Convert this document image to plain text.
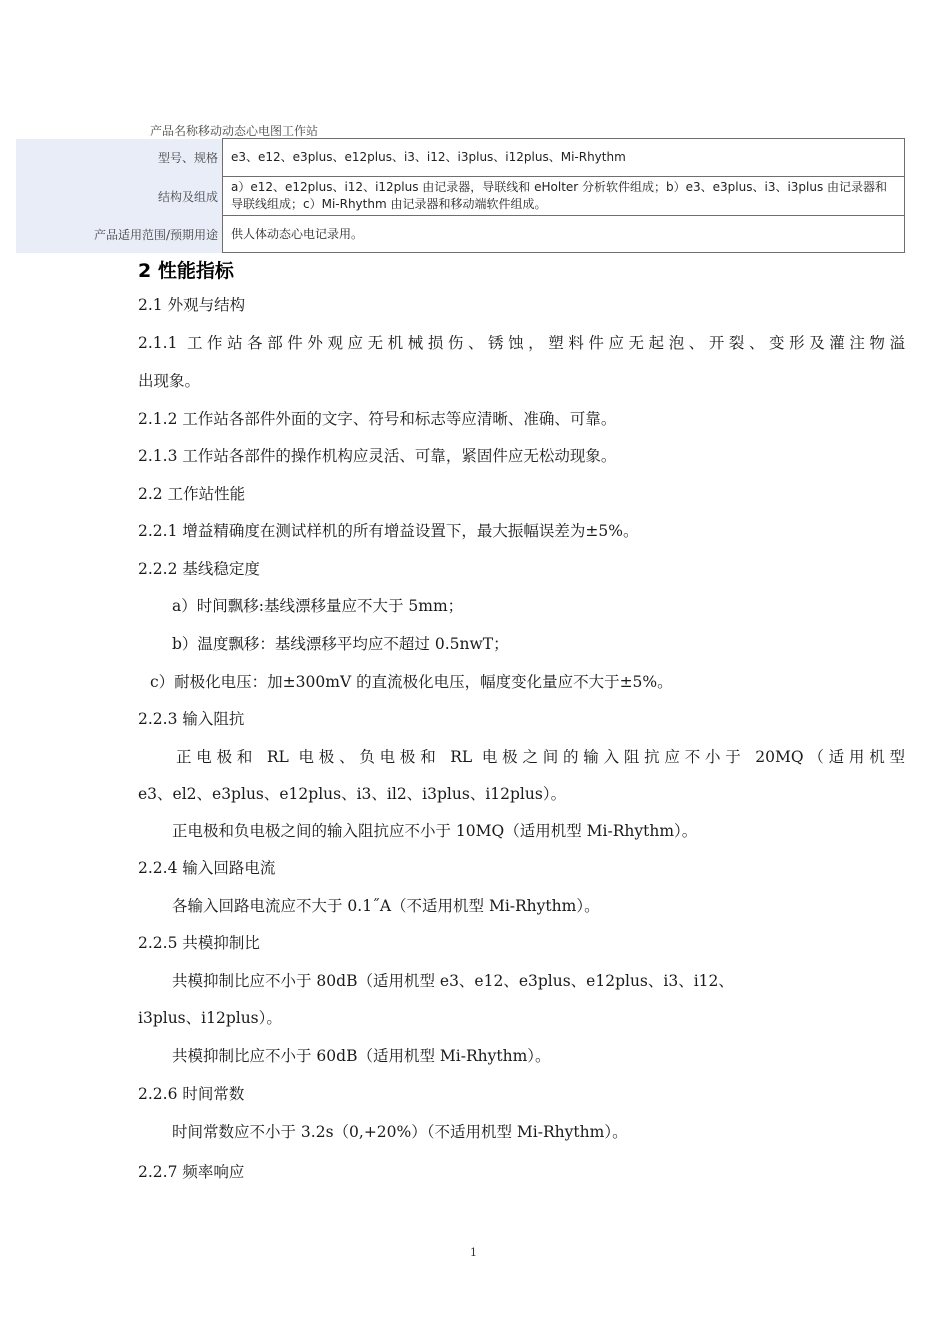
产品名称移动动态心电图工作站
型号、规格	e3、e12、e3plus、e12plus、i3、i12、i3plus、i12plus、Mi-Rhythm
结构及组成	a）e12、e12plus、i12、i12plus 由记录器，导联线和 eHolter 分析软件组成；b）e3、e3plus、i3、i3plus 由记录器和导联线组成；c）Mi-Rhythm 由记录器和移动端软件组成。
产品适用范围/预期用途	供人体动态心电记录用。
2 性能指标
2.1 外观与结构
2.1.1 工作站各部件外观应无机械损伤、锈蚀，塑料件应无起泡、开裂、变形及灌注物溢
出现象。
2.1.2 工作站各部件外面的文字、符号和标志等应清晰、准确、可靠。
2.1.3 工作站各部件的操作机构应灵活、可靠，紧固件应无松动现象。
2.2 工作站性能
2.2.1 增益精确度在测试样机的所有增益设置下，最大振幅误差为±5%。
2.2.2 基线稳定度
a）时间飘移:基线漂移量应不大于 5mm；
b）温度飘移：基线漂移平均应不超过 0.5nwT；
c）耐极化电压：加±300mV 的直流极化电压，幅度变化量应不大于±5%。
2.2.3 输入阻抗
正电极和 RL 电极、负电极和 RL 电极之间的输入阻抗应不小于 20MQ（适用机型
e3、el2、e3plus、e12plus、i3、il2、i3plus、i12plus）。
正电极和负电极之间的输入阻抗应不小于 10MQ（适用机型 Mi-Rhythm）。
2.2.4 输入回路电流
各输入回路电流应不大于 0.1˝A（不适用机型 Mi-Rhythm）。
2.2.5 共模抑制比
共模抑制比应不小于 80dB（适用机型 e3、e12、e3plus、e12plus、i3、i12、
i3plus、i12plus）。
共模抑制比应不小于 60dB（适用机型 Mi-Rhythm）。
2.2.6 时间常数
时间常数应不小于 3.2s（0,+20%）（不适用机型 Mi-Rhythm）。
2.2.7 频率响应
1
